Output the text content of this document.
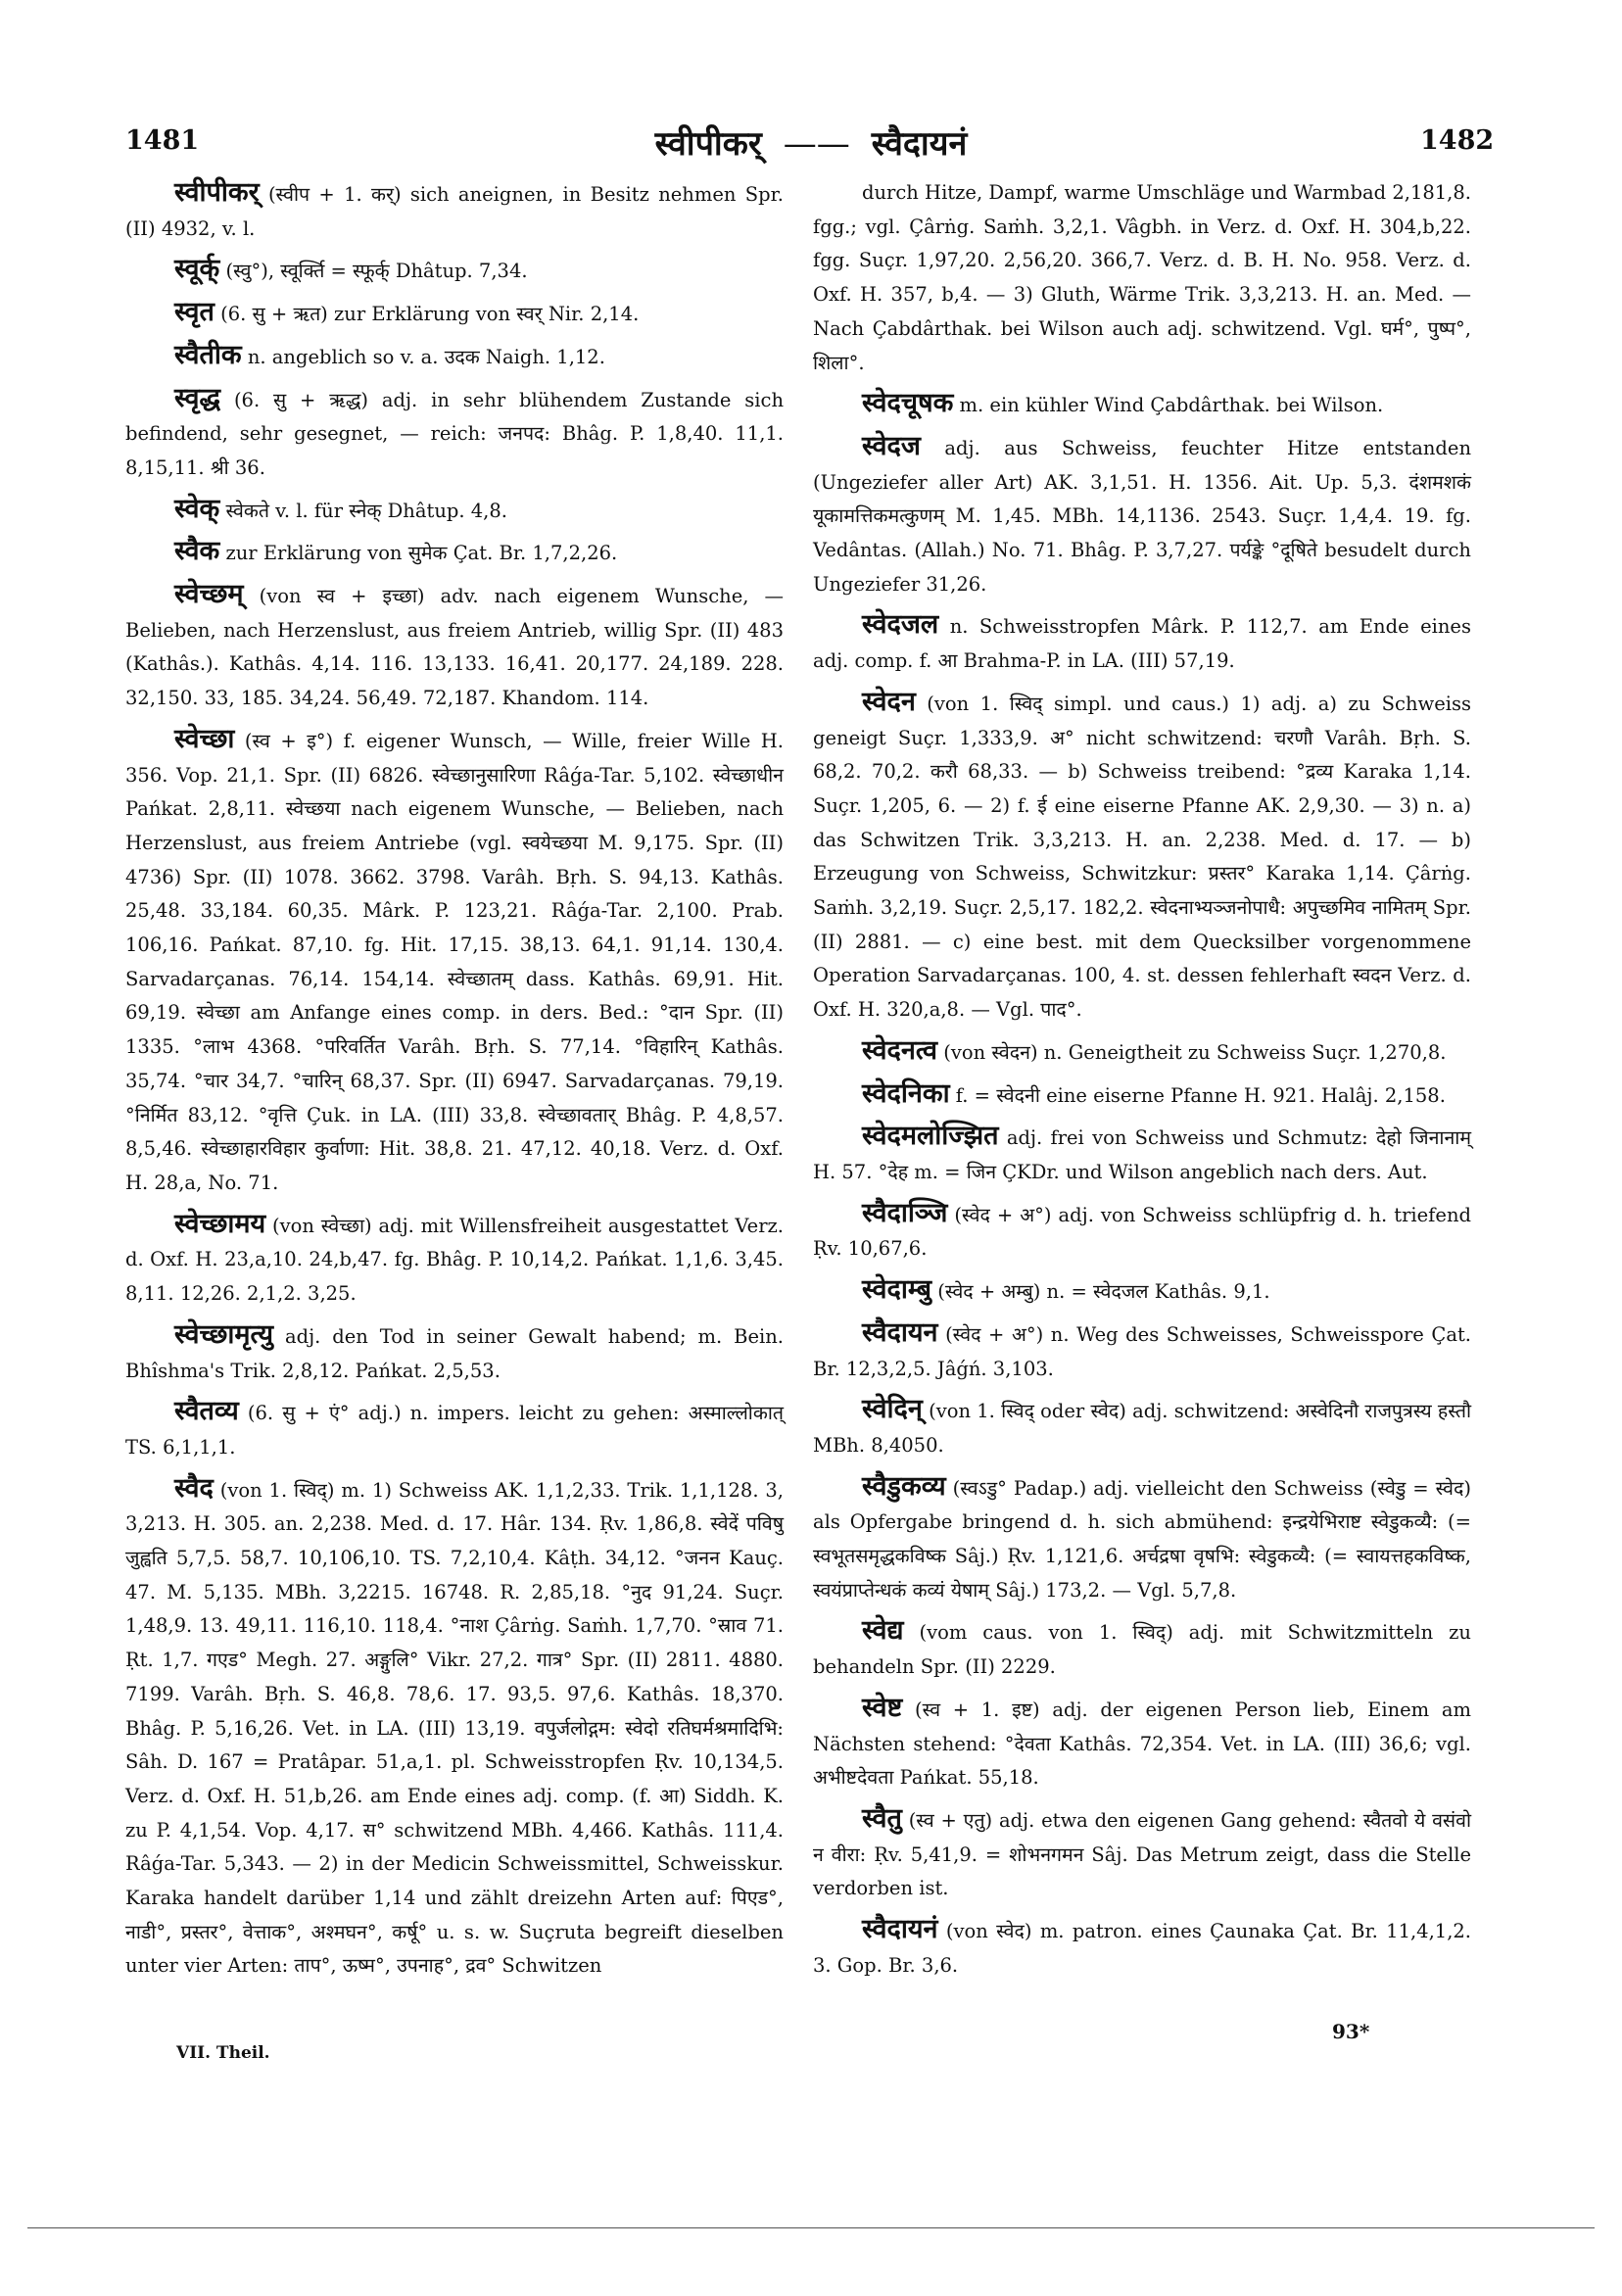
1481	स्वीपीकर् —— स्वैदायनं	1482

स्वीपीकर् (स्वीप + 1. कर्) sich aneignen, in Besitz nehmen Spr. (II) 4932, v. l.

स्वूर्क् (स्वु°), स्वूर्क्ति = स्फूर्क् Dhâtup. 7,34.

स्वृत (6. सु + ऋत) zur Erklärung von स्वर् Nir. 2,14.

स्वैतीक n. angeblich so v. a. उदक Naigh. 1,12.

स्वृद्ध (6. सु + ऋद्ध) adj. in sehr blühendem Zustande sich befindend, sehr gesegnet, — reich: जनपद: Bhâg. P. 1,8,40. 11,1. 8,15,11. श्री 36.

स्वेक् स्वेकते v. l. für स्नेक् Dhâtup. 4,8.

स्वैक zur Erklärung von सुमेक Çat. Br. 1,7,2,26.

स्वेच्छम् (von स्व + इच्छा) adv. nach eigenem Wunsche, — Belieben, nach Herzenslust, aus freiem Antrieb, willig Spr. (II) 483 (Kathâs.). Kathâs. 4,14. 116. 13,133. 16,41. 20,177. 24,189. 228. 32,150. 33, 185. 34,24. 56,49. 72,187. Khandom. 114.

स्वेच्छा (स्व + इ°) f. eigener Wunsch, — Wille, freier Wille H. 356. Vop. 21,1. Spr. (II) 6826. स्वेच्छानुसारिणा Râǵa-Tar. 5,102. स्वेच्छाधीन Pańkat. 2,8,11. स्वेच्छया nach eigenem Wunsche, — Belieben, nach Herzenslust, aus freiem Antriebe (vgl. स्वयेच्छया M. 9,175. Spr. (II) 4736) Spr. (II) 1078. 3662. 3798. Varâh. Bṛh. S. 94,13. Kathâs. 25,48. 33,184. 60,35. Mârk. P. 123,21. Râǵa-Tar. 2,100. Prab. 106,16. Pańkat. 87,10. fg. Hit. 17,15. 38,13. 64,1. 91,14. 130,4. Sarvadarçanas. 76,14. 154,14. स्वेच्छातम् dass. Kathâs. 69,91. Hit. 69,19. स्वेच्छा am Anfange eines comp. in ders. Bed.: °दान Spr. (II) 1335. °लाभ 4368. °परिवर्तित Varâh. Bṛh. S. 77,14. °विहारिन् Kathâs. 35,74. °चार 34,7. °चारिन् 68,37. Spr. (II) 6947. Sarvadarçanas. 79,19. °निर्मित 83,12. °वृत्ति Çuk. in LA. (III) 33,8. स्वेच्छावतार् Bhâg. P. 4,8,57. 8,5,46. स्वेच्छाहारविहार कुर्वाणा: Hit. 38,8. 21. 47,12. 40,18. Verz. d. Oxf. H. 28,a, No. 71.

स्वेच्छामय (von स्वेच्छा) adj. mit Willensfreiheit ausgestattet Verz. d. Oxf. H. 23,a,10. 24,b,47. fg. Bhâg. P. 10,14,2. Pańkat. 1,1,6. 3,45. 8,11. 12,26. 2,1,2. 3,25.

स्वेच्छामृत्यु adj. den Tod in seiner Gewalt habend; m. Bein. Bhîshma's Trik. 2,8,12. Pańkat. 2,5,53.

स्वैतव्य (6. सु + एं° adj.) n. impers. leicht zu gehen: अस्माल्लोकात् TS. 6,1,1,1.

स्वैद (von 1. स्विद्) m. 1) Schweiss AK. 1,1,2,33. Trik. 1,1,128. 3, 3,213. H. 305. an. 2,238. Med. d. 17. Hâr. 134. Ṛv. 1,86,8. स्वेदें पविषु जुह्वति 5,7,5. 58,7. 10,106,10. TS. 7,2,10,4. Kâṭh. 34,12. °जनन Kauç. 47. M. 5,135. MBh. 3,2215. 16748. R. 2,85,18. °नुद 91,24. Suçr. 1,48,9. 13. 49,11. 116,10. 118,4. °नाश Çârṅg. Saṁh. 1,7,70. °स्राव 71. Ṛt. 1,7. गएड° Megh. 27. अङ्गुलि° Vikr. 27,2. गात्र° Spr. (II) 2811. 4880. 7199. Varâh. Bṛh. S. 46,8. 78,6. 17. 93,5. 97,6. Kathâs. 18,370. Bhâg. P. 5,16,26. Vet. in LA. (III) 13,19. वपुर्जलोद्गम: स्वेदो रतिघर्मश्रमादिभि: Sâh. D. 167 = Pratâpar. 51,a,1. pl. Schweisstropfen Ṛv. 10,134,5. Verz. d. Oxf. H. 51,b,26. am Ende eines adj. comp. (f. आ) Siddh. K. zu P. 4,1,54. Vop. 4,17. स° schwitzend MBh. 4,466. Kathâs. 111,4. Râǵa-Tar. 5,343. — 2) in der Medicin Schweissmittel, Schweisskur. Karaka handelt darüber 1,14 und zählt dreizehn Arten auf: पिएड°, नाडी°, प्रस्तर°, वेत्ताक°, अश्मघन°, कर्षू° u. s. w. Suçruta begreift dieselben unter vier Arten: ताप°, ऊष्म°, उपनाह°, द्रव° Schwitzen

durch Hitze, Dampf, warme Umschläge und Warmbad 2,181,8. fgg.; vgl. Çârṅg. Saṁh. 3,2,1. Vâgbh. in Verz. d. Oxf. H. 304,b,22. fgg. Suçr. 1,97,20. 2,56,20. 366,7. Verz. d. B. H. No. 958. Verz. d. Oxf. H. 357, b,4. — 3) Gluth, Wärme Trik. 3,3,213. H. an. Med. — Nach Çabdârthak. bei Wilson auch adj. schwitzend. Vgl. घर्म°, पुष्प°, शिला°.

स्वेदचूषक m. ein kühler Wind Çabdârthak. bei Wilson.

स्वेदज adj. aus Schweiss, feuchter Hitze entstanden (Ungeziefer aller Art) AK. 3,1,51. H. 1356. Ait. Up. 5,3. दंशमशकं यूकामत्तिकमत्कुणम् M. 1,45. MBh. 14,1136. 2543. Suçr. 1,4,4. 19. fg. Vedântas. (Allah.) No. 71. Bhâg. P. 3,7,27. पर्यङ्के °दूषिते besudelt durch Ungeziefer 31,26.

स्वेदजल n. Schweisstropfen Mârk. P. 112,7. am Ende eines adj. comp. f. आ Brahma-P. in LA. (III) 57,19.

स्वेदन (von 1. स्विद् simpl. und caus.) 1) adj. a) zu Schweiss geneigt Suçr. 1,333,9. अ° nicht schwitzend: चरणौ Varâh. Bṛh. S. 68,2. 70,2. करौ 68,33. — b) Schweiss treibend: °द्रव्य Karaka 1,14. Suçr. 1,205, 6. — 2) f. ई eine eiserne Pfanne AK. 2,9,30. — 3) n. a) das Schwitzen Trik. 3,3,213. H. an. 2,238. Med. d. 17. — b) Erzeugung von Schweiss, Schwitzkur: प्रस्तर° Karaka 1,14. Çârṅg. Saṁh. 3,2,19. Suçr. 2,5,17. 182,2. स्वेदनाभ्यञ्जनोपाधै: अपुच्छमिव नामितम् Spr. (II) 2881. — c) eine best. mit dem Quecksilber vorgenommene Operation Sarvadarçanas. 100, 4. st. dessen fehlerhaft स्वदन Verz. d. Oxf. H. 320,a,8. — Vgl. पाद°.

स्वेदनत्व (von स्वेदन) n. Geneigtheit zu Schweiss Suçr. 1,270,8.

स्वेदनिका f. = स्वेदनी eine eiserne Pfanne H. 921. Halâj. 2,158.

स्वेदमलोज्झित adj. frei von Schweiss und Schmutz: देहो जिनानाम् H. 57. °देह m. = जिन ÇKDr. und Wilson angeblich nach ders. Aut.

स्वैदाञ्जि (स्वेद + अ°) adj. von Schweiss schlüpfrig d. h. triefend Ṛv. 10,67,6.

स्वेदाम्बु (स्वेद + अम्बु) n. = स्वेदजल Kathâs. 9,1.

स्वैदायन (स्वेद + अ°) n. Weg des Schweisses, Schweisspore Çat. Br. 12,3,2,5. Jâǵń. 3,103.

स्वेदिन् (von 1. स्विद् oder स्वेद) adj. schwitzend: अस्वेदिनौ राजपुत्रस्य हस्तौ MBh. 8,4050.

स्वैडुकव्य (स्वऽडु° Padap.) adj. vielleicht den Schweiss (स्वेडु = स्वेद) als Opfergabe bringend d. h. sich abmühend: इन्द्रयेभिराष्ट स्वेडुकव्यै: (= स्वभूतसमृद्धकविष्क Sâj.) Ṛv. 1,121,6. अर्चद्रषा वृषभि: स्वेडुकव्यै: (= स्वायत्तहकविष्क, स्वयंप्राप्तेन्धकं कव्यं येषाम् Sâj.) 173,2. — Vgl. 5,7,8.

स्वेद्य (vom caus. von 1. स्विद्) adj. mit Schwitzmitteln zu behandeln Spr. (II) 2229.

स्वेष्ट (स्व + 1. इष्ट) adj. der eigenen Person lieb, Einem am Nächsten stehend: °देवता Kathâs. 72,354. Vet. in LA. (III) 36,6; vgl. अभीष्टदेवता Pańkat. 55,18.

स्वैतु (स्व + एतु) adj. etwa den eigenen Gang gehend: स्वैतवो ये वसंवो न वीरा: Ṛv. 5,41,9. = शोभनगमन Sâj. Das Metrum zeigt, dass die Stelle verdorben ist.

स्वैदायनं (von स्वेद) m. patron. eines Çaunaka Çat. Br. 11,4,1,2. 3. Gop. Br. 3,6.

VII. Theil.
93*
